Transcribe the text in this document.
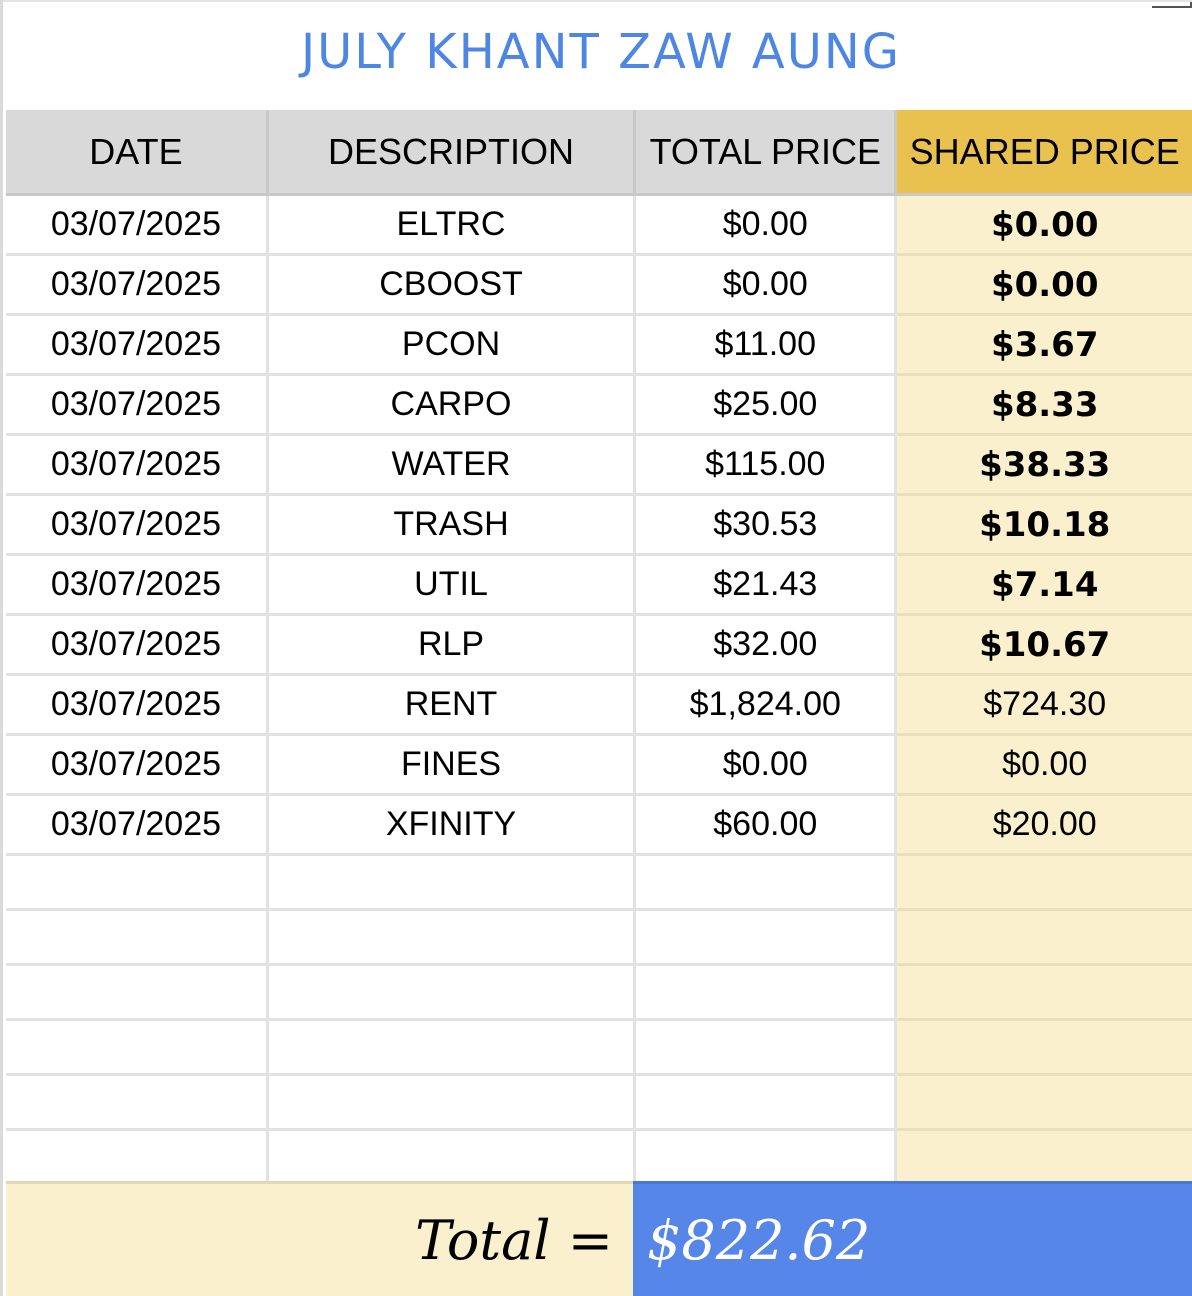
JULY KHANT ZAW AUNG
DATE	DESCRIPTION	TOTAL PRICE	SHARED PRICE
03/07/2025	ELTRC	$0.00	$0.00
03/07/2025	CBOOST	$0.00	$0.00
03/07/2025	PCON	$11.00	$3.67
03/07/2025	CARPO	$25.00	$8.33
03/07/2025	WATER	$115.00	$38.33
03/07/2025	TRASH	$30.53	$10.18
03/07/2025	UTIL	$21.43	$7.14
03/07/2025	RLP	$32.00	$10.67
03/07/2025	RENT	$1,824.00	$724.30
03/07/2025	FINES	$0.00	$0.00
03/07/2025	XFINITY	$60.00	$20.00

Total = $822.62
